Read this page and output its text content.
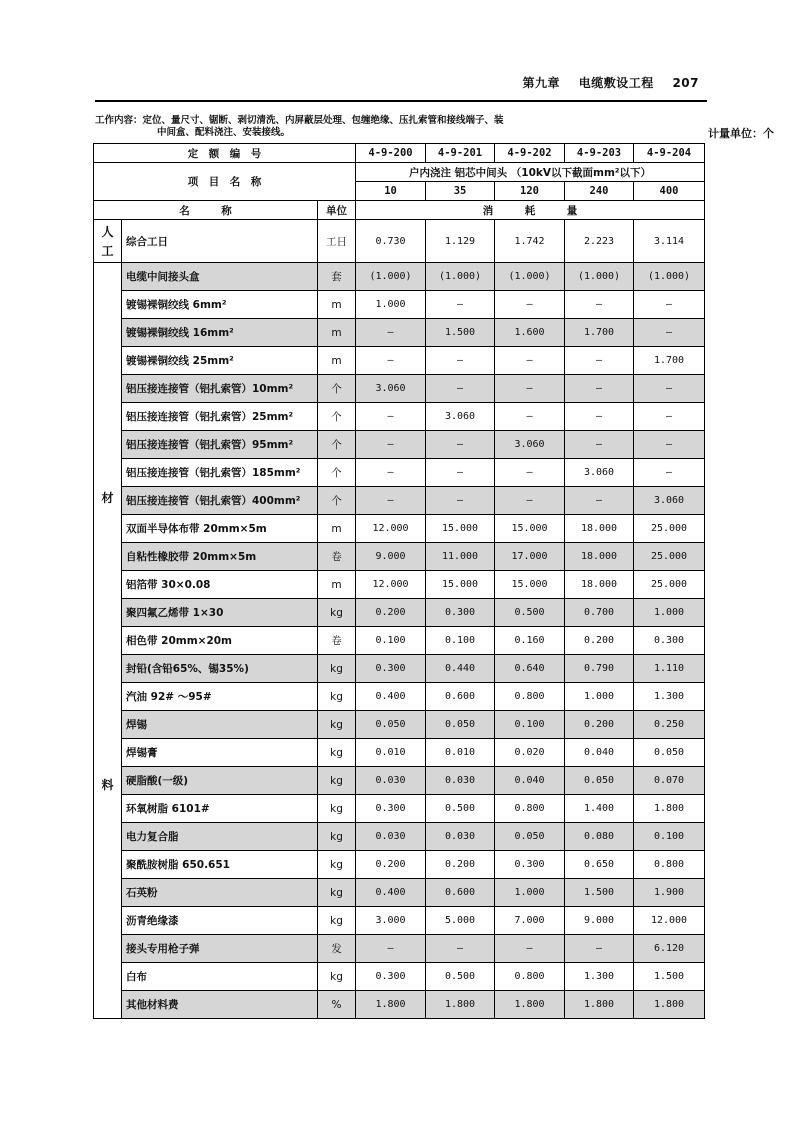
第九章 电缆敷设工程 207
工作内容：定位、量尺寸、锯断、剥切清洗、内屏蔽层处理、包缠绝缘、压扎索管和接线端子、装
中间盒、配料浇注、安装接线。	计量单位：个
定　额　编　号			4-9-200	4-9-201	4-9-202	4-9-203	4-9-204
项　目　名　称			户内浇注 铝芯中间头 （10kV以下截面mm²以下）				
			10	35	120	240	400
名　　　称		单位	消　　　耗　　　量				

人
工	综合工日	工日	0.730	1.129	1.742	2.223	3.114

材
料	电缆中间接头盒	套	(1.000)	(1.000)	(1.000)	(1.000)	(1.000)
	镀锡裸铜绞线 6mm²	m	1.000	—	—	—	—
	镀锡裸铜绞线 16mm²	m	—	1.500	1.600	1.700	—
	镀锡裸铜绞线 25mm²	m	—	—	—	—	1.700
	铝压接连接管（铝扎索管）10mm²	个	3.060	—	—	—	—
	铝压接连接管（铝扎索管）25mm²	个	—	3.060	—	—	—
	铝压接连接管（铝扎索管）95mm²	个	—	—	3.060	—	—
	铝压接连接管（铝扎索管）185mm²	个	—	—	—	3.060	—
	铝压接连接管（铝扎索管）400mm²	个	—	—	—	—	3.060
	双面半导体布带 20mm×5m	m	12.000	15.000	15.000	18.000	25.000
	自粘性橡胶带 20mm×5m	卷	9.000	11.000	17.000	18.000	25.000
	铝箔带 30×0.08	m	12.000	15.000	15.000	18.000	25.000
	聚四氟乙烯带 1×30	kg	0.200	0.300	0.500	0.700	1.000
	相色带 20mm×20m	卷	0.100	0.100	0.160	0.200	0.300
	封铅(含铅65%、锡35%)	kg	0.300	0.440	0.640	0.790	1.110
	汽油 92# ～95#	kg	0.400	0.600	0.800	1.000	1.300
	焊锡	kg	0.050	0.050	0.100	0.200	0.250
	焊锡膏	kg	0.010	0.010	0.020	0.040	0.050
	硬脂酸(一级)	kg	0.030	0.030	0.040	0.050	0.070
	环氧树脂 6101#	kg	0.300	0.500	0.800	1.400	1.800
	电力复合脂	kg	0.030	0.030	0.050	0.080	0.100
	聚酰胺树脂 650.651	kg	0.200	0.200	0.300	0.650	0.800
	石英粉	kg	0.400	0.600	1.000	1.500	1.900
	沥青绝缘漆	kg	3.000	5.000	7.000	9.000	12.000
	接头专用枪子弹	发	—	—	—	—	6.120
	白布	kg	0.300	0.500	0.800	1.300	1.500
	其他材料费	%	1.800	1.800	1.800	1.800	1.800
